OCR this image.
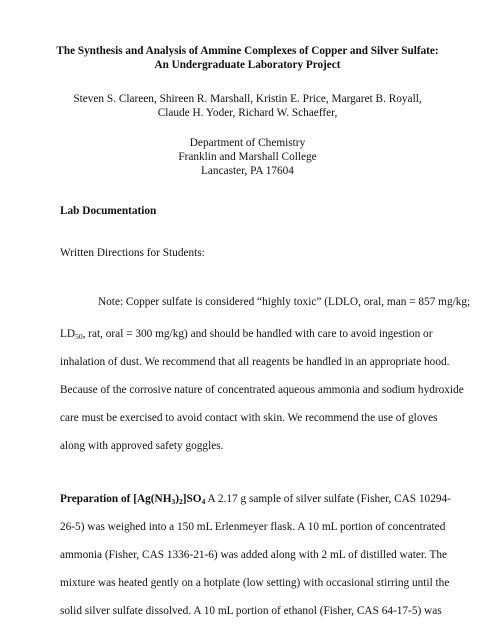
The Synthesis and Analysis of Ammine Complexes of Copper and Silver Sulfate:
An Undergraduate Laboratory Project
Steven S. Clareen, Shireen R. Marshall, Kristin E. Price, Margaret B. Royall,
Claude H. Yoder, Richard W. Schaeffer,
Department of Chemistry
Franklin and Marshall College
Lancaster, PA 17604
Lab Documentation
Written Directions for Students:
Note: Copper sulfate is considered “highly toxic” (LDLO, oral, man = 857 mg/kg;
$LD_{50}$, rat, oral = 300 mg/kg) and should be handled with care to avoid ingestion or
inhalation of dust. We recommend that all reagents be handled in an appropriate hood.
Because of the corrosive nature of concentrated aqueous ammonia and sodium hydroxide
care must be exercised to avoid contact with skin. We recommend the use of gloves
along with approved safety goggles.
Preparation of $[Ag(NH_3)_2]SO_4$ A 2.17 g sample of silver sulfate (Fisher, CAS 10294-
26-5) was weighed into a 150 mL Erlenmeyer flask. A 10 mL portion of concentrated
ammonia (Fisher, CAS 1336-21-6) was added along with 2 mL of distilled water. The
mixture was heated gently on a hotplate (low setting) with occasional stirring until the
solid silver sulfate dissolved. A 10 mL portion of ethanol (Fisher, CAS 64-17-5) was
